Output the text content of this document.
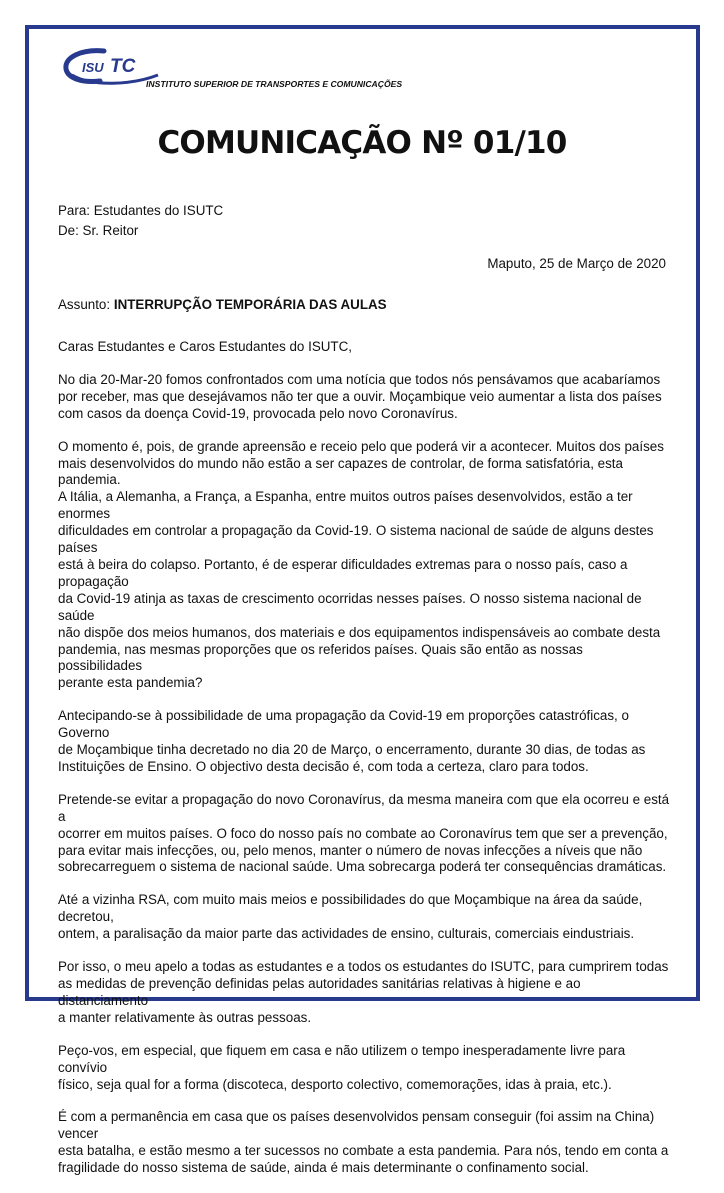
ISU TC
INSTITUTO SUPERIOR DE TRANSPORTES E COMUNICAÇÕES
COMUNICAÇÃO Nº 01/10
Para: Estudantes do ISUTC
De: Sr. Reitor
Maputo, 25 de Março de 2020
Assunto: INTERRUPÇÃO TEMPORÁRIA DAS AULAS

Caras Estudantes e Caros Estudantes do ISUTC,

No dia 20-Mar-20 fomos confrontados com uma notícia que todos nós pensávamos que acabaríamos
por receber, mas que desejávamos não ter que a ouvir. Moçambique veio aumentar a lista dos países
com casos da doença Covid-19, provocada pelo novo Coronavírus.

O momento é, pois, de grande apreensão e receio pelo que poderá vir a acontecer. Muitos dos países
mais desenvolvidos do mundo não estão a ser capazes de controlar, de forma satisfatória, esta pandemia.
A Itália, a Alemanha, a França, a Espanha, entre muitos outros países desenvolvidos, estão a ter enormes
dificuldades em controlar a propagação da Covid-19. O sistema nacional de saúde de alguns destes países
está à beira do colapso. Portanto, é de esperar dificuldades extremas para o nosso país, caso a propagação
da Covid-19 atinja as taxas de crescimento ocorridas nesses países. O nosso sistema nacional de saúde
não dispõe dos meios humanos, dos materiais e dos equipamentos indispensáveis ao combate desta
pandemia, nas mesmas proporções que os referidos países. Quais são então as nossas possibilidades
perante esta pandemia?

Antecipando-se à possibilidade de uma propagação da Covid-19 em proporções catastróficas, o Governo
de Moçambique tinha decretado no dia 20 de Março, o encerramento, durante 30 dias, de todas as
Instituições de Ensino. O objectivo desta decisão é, com toda a certeza, claro para todos.

Pretende-se evitar a propagação do novo Coronavírus, da mesma maneira com que ela ocorreu e está a
ocorrer em muitos países. O foco do nosso país no combate ao Coronavírus tem que ser a prevenção,
para evitar mais infecções, ou, pelo menos, manter o número de novas infecções a níveis que não
sobrecarreguem o sistema de nacional saúde. Uma sobrecarga poderá ter consequências dramáticas.

Até a vizinha RSA, com muito mais meios e possibilidades do que Moçambique na área da saúde, decretou,
ontem, a paralisação da maior parte das actividades de ensino, culturais, comerciais eindustriais.

Por isso, o meu apelo a todas as estudantes e a todos os estudantes do ISUTC, para cumprirem todas
as medidas de prevenção definidas pelas autoridades sanitárias relativas à higiene e ao distanciamento
a manter relativamente às outras pessoas.

Peço-vos, em especial, que fiquem em casa e não utilizem o tempo inesperadamente livre para convívio
físico, seja qual for a forma (discoteca, desporto colectivo, comemorações, idas à praia, etc.).

É com a permanência em casa que os países desenvolvidos pensam conseguir (foi assim na China) vencer
esta batalha, e estão mesmo a ter sucessos no combate a esta pandemia. Para nós, tendo em conta a
fragilidade do nosso sistema de saúde, ainda é mais determinante o confinamento social.
